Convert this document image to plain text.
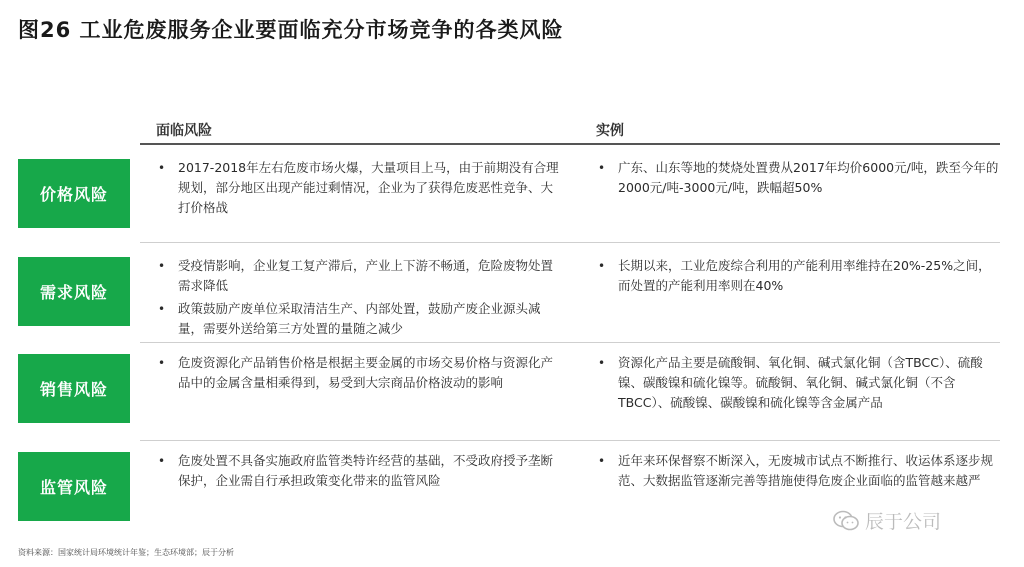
图26 工业危废服务企业要面临充分市场竞争的各类风险
面临风险	实例
价格风险
• 2017-2018年左右危废市场火爆，大量项目上马，由于前期没有合理规划，部分地区出现产能过剩情况，企业为了获得危废恶性竞争、大打价格战
• 广东、山东等地的焚烧处置费从2017年均价6000元/吨，跌至今年的2000元/吨-3000元/吨，跌幅超50%
需求风险
• 受疫情影响，企业复工复产滞后，产业上下游不畅通，危险废物处置需求降低
• 政策鼓励产废单位采取清洁生产、内部处置，鼓励产废企业源头减量，需要外送给第三方处置的量随之减少
• 长期以来，工业危废综合利用的产能利用率维持在20%-25%之间，而处置的产能利用率则在40%
销售风险
• 危废资源化产品销售价格是根据主要金属的市场交易价格与资源化产品中的金属含量相乘得到，易受到大宗商品价格波动的影响
• 资源化产品主要是硫酸铜、氧化铜、碱式氯化铜（含TBCC）、硫酸镍、碳酸镍和硫化镍等。硫酸铜、氧化铜、碱式氯化铜（不含 TBCC）、硫酸镍、碳酸镍和硫化镍等含金属产品
监管风险
• 危废处置不具备实施政府监管类特许经营的基础，不受政府授予垄断保护，企业需自行承担政策变化带来的监管风险
• 近年来环保督察不断深入，无废城市试点不断推行、收运体系逐步规范、大数据监管逐渐完善等措施使得危废企业面临的监管越来越严
资料来源：国家统计局环境统计年鉴；生态环境部；辰于分析
辰于公司
